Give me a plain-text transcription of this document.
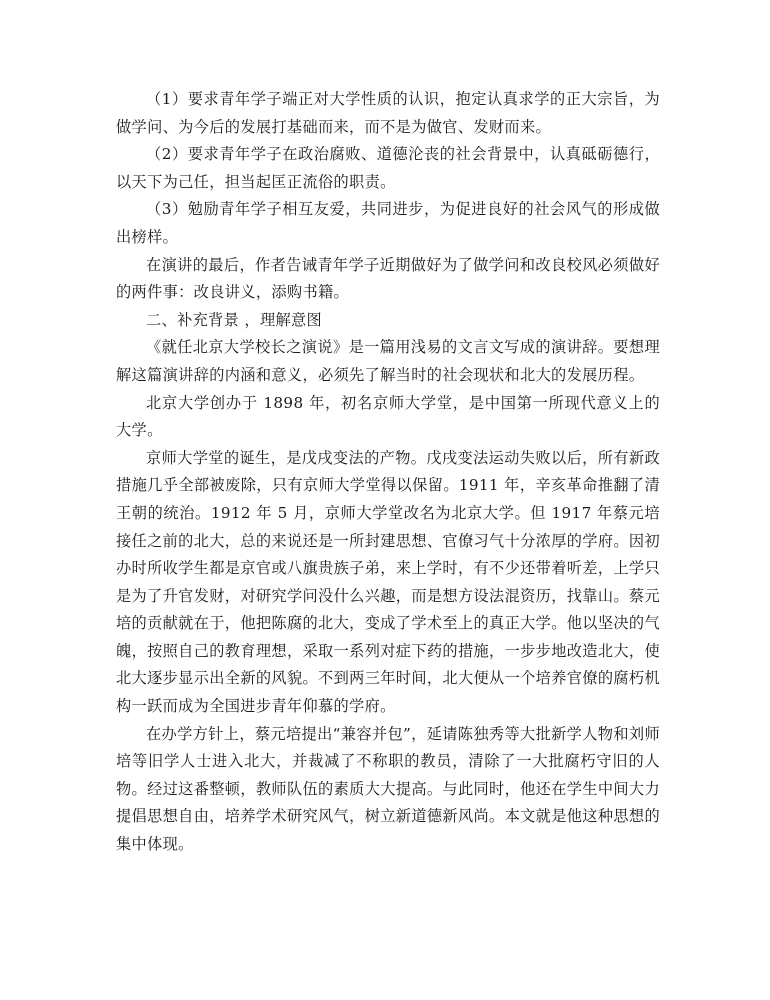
（1）要求青年学子端正对大学性质的认识，抱定认真求学的正大宗旨，为做学问、为今后的发展打基础而来，而不是为做官、发财而来。

（2）要求青年学子在政治腐败、道德沦丧的社会背景中，认真砥砺德行，以天下为己任，担当起匡正流俗的职责。

（3）勉励青年学子相互友爱，共同进步，为促进良好的社会风气的形成做出榜样。

在演讲的最后，作者告诫青年学子近期做好为了做学问和改良校风必须做好的两件事：改良讲义，添购书籍。

二、补充背景 ，理解意图

《就任北京大学校长之演说》是一篇用浅易的文言文写成的演讲辞。要想理解这篇演讲辞的内涵和意义，必须先了解当时的社会现状和北大的发展历程。

北京大学创办于 1898 年，初名京师大学堂，是中国第一所现代意义上的大学。

京师大学堂的诞生，是戊戌变法的产物。戊戌变法运动失败以后，所有新政措施几乎全部被废除，只有京师大学堂得以保留。1911 年，辛亥革命推翻了清王朝的统治。1912 年 5 月，京师大学堂改名为北京大学。但 1917 年蔡元培接任之前的北大，总的来说还是一所封建思想、官僚习气十分浓厚的学府。因初办时所收学生都是京官或八旗贵族子弟，来上学时，有不少还带着听差，上学只是为了升官发财，对研究学问没什么兴趣，而是想方设法混资历，找靠山。蔡元培的贡献就在于，他把陈腐的北大，变成了学术至上的真正大学。他以坚决的气魄，按照自己的教育理想，采取一系列对症下药的措施，一步步地改造北大，使北大逐步显示出全新的风貌。不到两三年时间，北大便从一个培养官僚的腐朽机构一跃而成为全国进步青年仰慕的学府。

在办学方针上，蔡元培提出“兼容并包”，延请陈独秀等大批新学人物和刘师培等旧学人士进入北大，并裁减了不称职的教员，清除了一大批腐朽守旧的人物。经过这番整顿，教师队伍的素质大大提高。与此同时，他还在学生中间大力提倡思想自由，培养学术研究风气，树立新道德新风尚。本文就是他这种思想的集中体现。
